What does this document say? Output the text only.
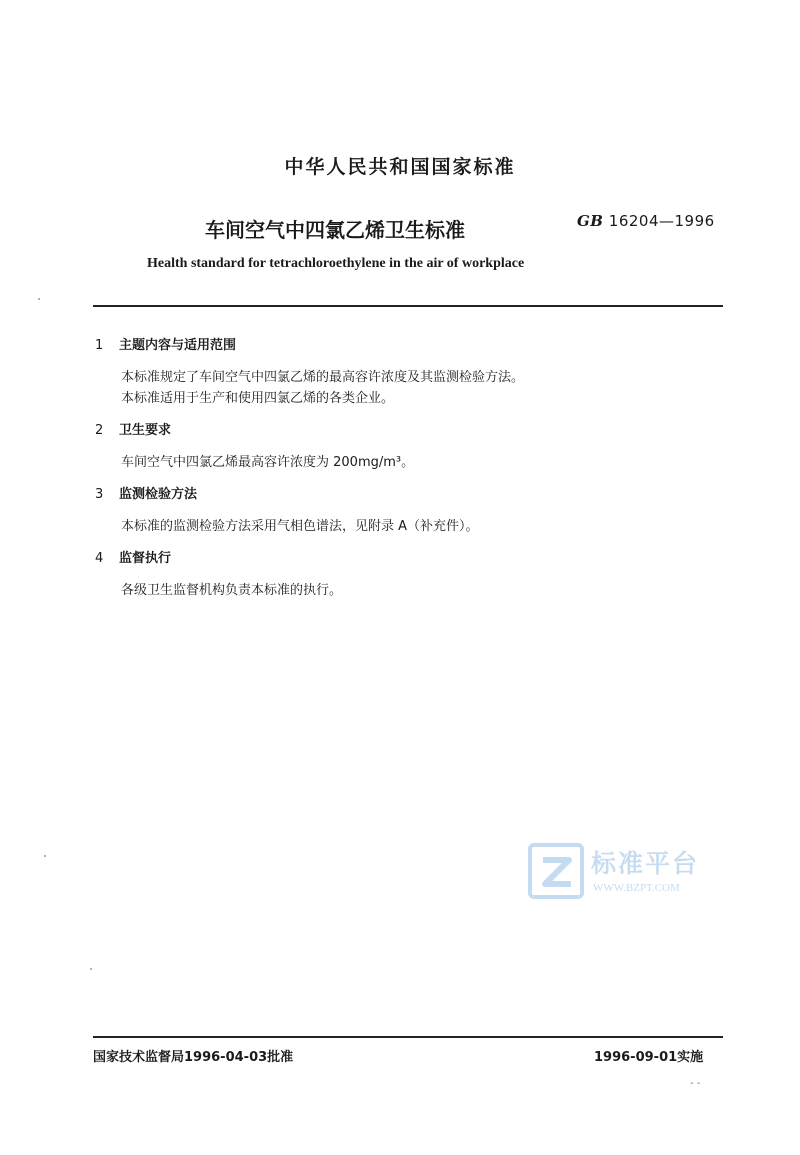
中华人民共和国国家标准
车间空气中四氯乙烯卫生标准	GB 16204—1996
Health standard for tetrachloroethylene in the air of workplace
1 主题内容与适用范围
本标准规定了车间空气中四氯乙烯的最高容许浓度及其监测检验方法。
本标准适用于生产和使用四氯乙烯的各类企业。
2 卫生要求
车间空气中四氯乙烯最高容许浓度为 200mg/m³。
3 监测检验方法
本标准的监测检验方法采用气相色谱法，见附录 A（补充件）。
4 监督执行
各级卫生监督机构负责本标准的执行。
标准平台
WWW.BZPT.COM
国家技术监督局1996-04-03批准	1996-09-01实施
- -
